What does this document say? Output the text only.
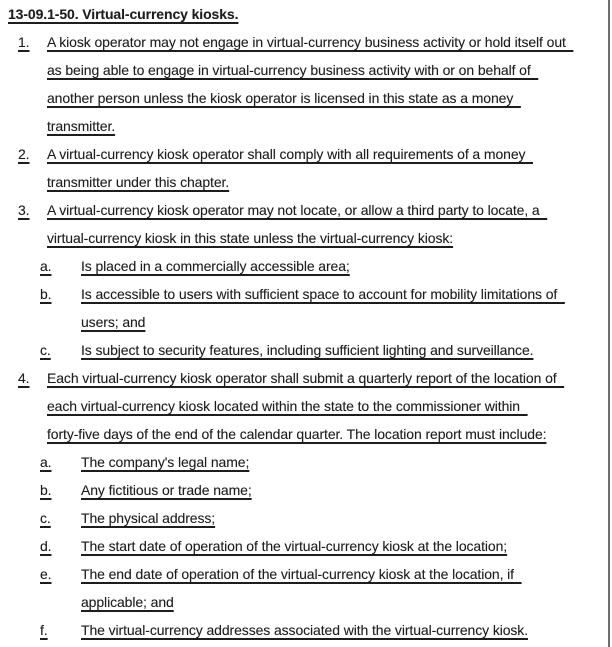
13-09.1-50. Virtual-currency kiosks.
1.	A kiosk operator may not engage in virtual-currency business activity or hold itself out
as being able to engage in virtual-currency business activity with or on behalf of
another person unless the kiosk operator is licensed in this state as a money
transmitter.
2.	A virtual-currency kiosk operator shall comply with all requirements of a money
transmitter under this chapter.
3.	A virtual-currency kiosk operator may not locate, or allow a third party to locate, a
virtual-currency kiosk in this state unless the virtual-currency kiosk:
a.	Is placed in a commercially accessible area;
b.	Is accessible to users with sufficient space to account for mobility limitations of
users; and
c.	Is subject to security features, including sufficient lighting and surveillance.
4.	Each virtual-currency kiosk operator shall submit a quarterly report of the location of
each virtual-currency kiosk located within the state to the commissioner within
forty-five days of the end of the calendar quarter. The location report must include:
a.	The company's legal name;
b.	Any fictitious or trade name;
c.	The physical address;
d.	The start date of operation of the virtual-currency kiosk at the location;
e.	The end date of operation of the virtual-currency kiosk at the location, if
applicable; and
f.	The virtual-currency addresses associated with the virtual-currency kiosk.
